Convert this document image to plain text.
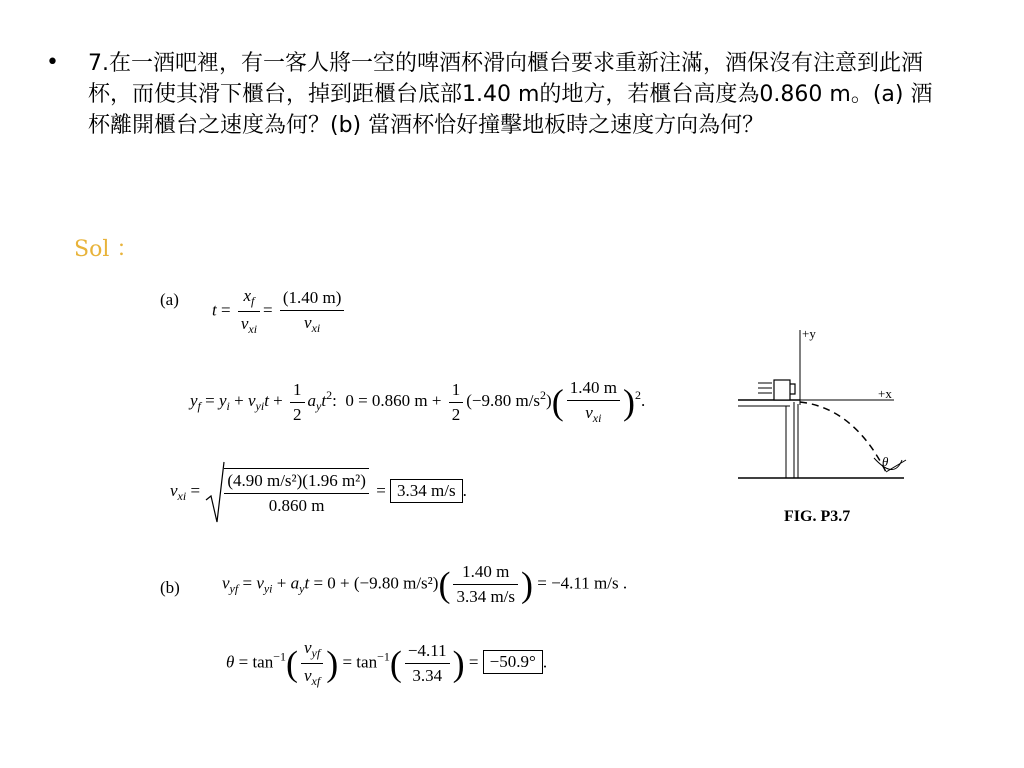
• 7.在一酒吧裡，有一客人將一空的啤酒杯滑向櫃台要求重新注滿，酒保沒有注意到此酒杯，而使其滑下櫃台，掉到距櫃台底部1.40 m的地方，若櫃台高度為0.860 m。(a) 酒杯離開櫃台之速度為何？(b) 當酒杯恰好撞擊地板時之速度方向為何？
Sol ：
(a)
$t = \frac{x_f}{v_{xi}} = \frac{(1.40 m)}{v_{xi}}$
$y_f = y_i + v_{yi}t + \frac{1}{2} a_yt^2$:  0 = 0.860 $m + \frac{1}{2} (-9.80$ $m/s^2)( \frac{1.40 m}{v_{xi}} )^2$.
$v_{xi} = \frac{\text{(4.90 m/s²)(1.96 m²)}}{0.860 m} = 3.34$ m/s .
(b) $v_{yf} = v_{yi} + a_yt = 0 + (-9.80$ $m/s^2)( \frac{1.40 m}{3.34 m/s}$ ) = −4.11 m/s .
$\theta = \tan^{-1}( \frac{v_{yf}}{v_{xf}}$ ) = $\tan^{-1}( \frac{-4.11}{3.34}$ ) = −50.9° .
+y
+x
θ
FIG. P3.7
